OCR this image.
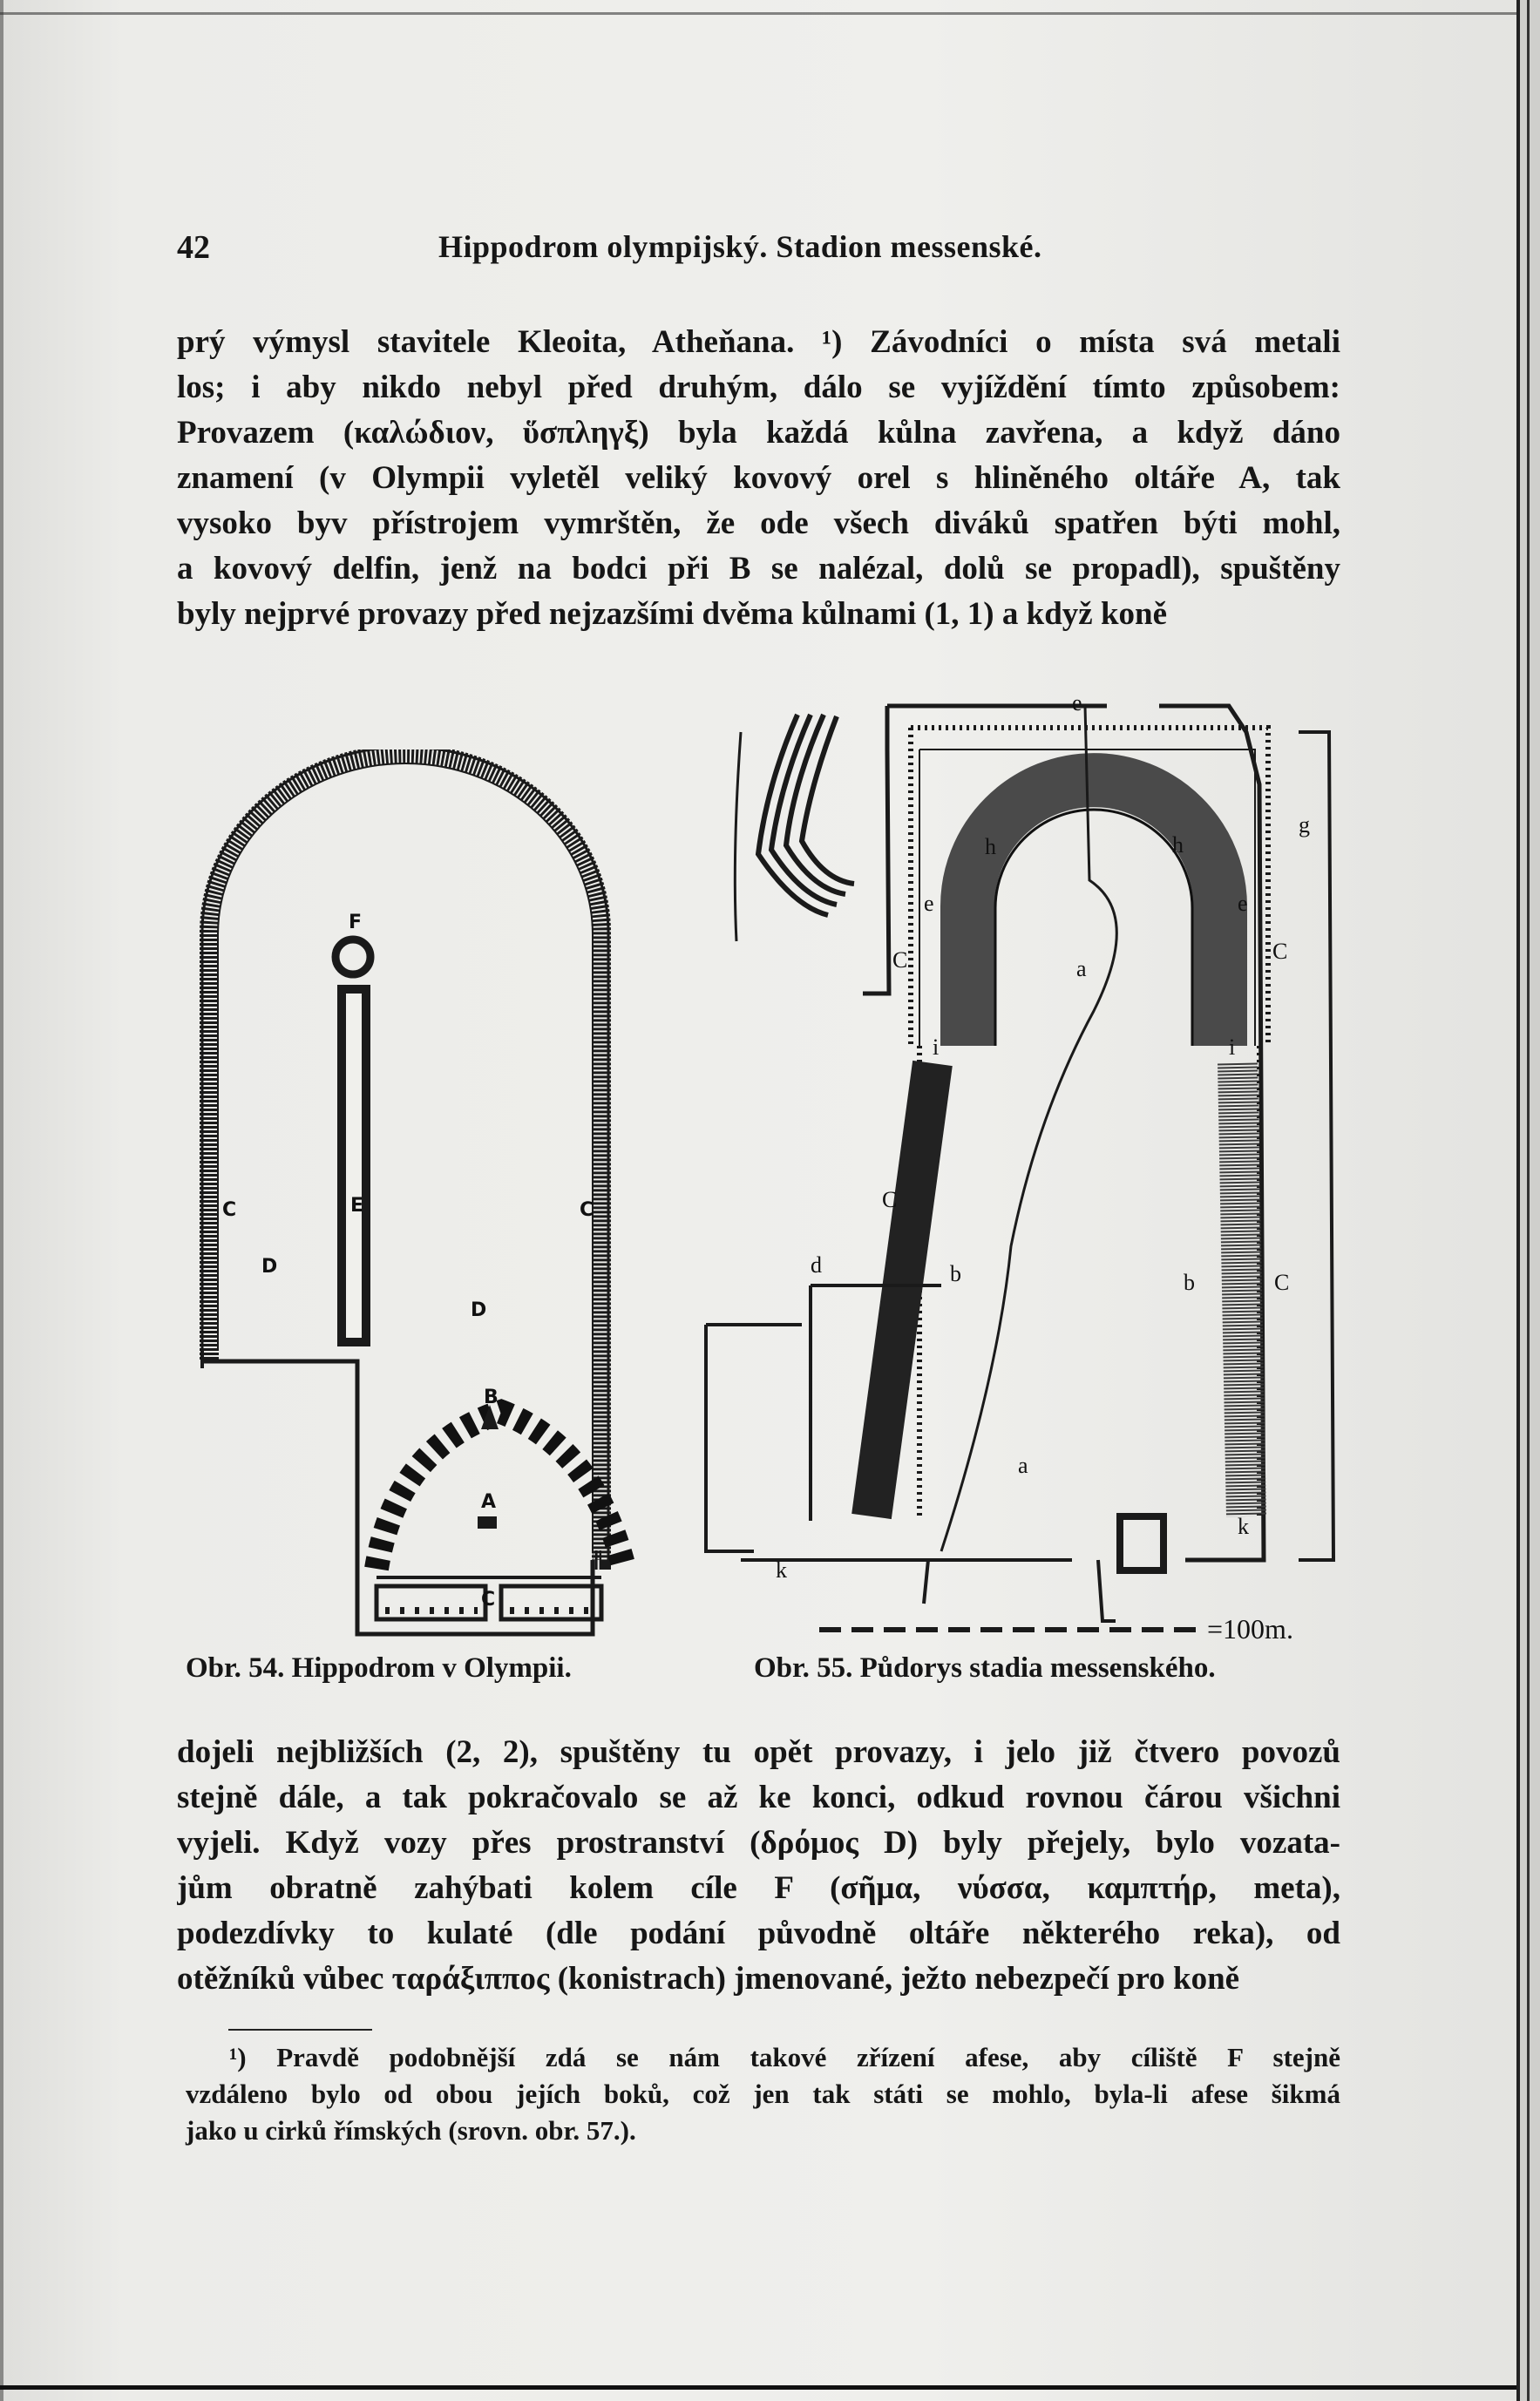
42	Hippodrom olympijský. Stadion messenské.
prý výmysl stavitele Kleoita, Atheňana. ¹) Závodníci o místa svá metali
los; i aby nikdo nebyl před druhým, dálo se vyjíždění tímto způsobem:
Provazem (καλώδιον, ὕσπληγξ) byla každá kůlna zavřena, a když dáno
znamení (v Olympii vyletěl veliký kovový orel s hliněného oltáře A, tak
vysoko byv přístrojem vymrštěn, že ode všech diváků spatřen býti mohl,
a kovový delfin, jenž na bodci při B se nalézal, dolů se propadl), spuštěny
byly nejprvé provazy před nejzazšími dvěma kůlnami (1, 1) a když koně
F
E
C	C
D
D
B
A
C
e
h	h
e	e
g
C	C
a
i	i
C
d	b	b	C
a
k
k
=100m.
Obr. 54. Hippodrom v Olympii.	Obr. 55. Půdorys stadia messenského.
dojeli nejbližších (2, 2), spuštěny tu opět provazy, i jelo již čtvero povozů
stejně dále, a tak pokračovalo se až ke konci, odkud rovnou čárou všichni
vyjeli. Když vozy přes prostranství (δρόμος D) byly přejely, bylo vozata-
jům obratně zahýbati kolem cíle F (σῆμα, νύσσα, καμπτήρ, meta),
podezdívky to kulaté (dle podání původně oltáře některého reka), od
otěžníků vůbec ταράξιππος (konistrach) jmenované, ježto nebezpečí pro koně
¹) Pravdě podobnější zdá se nám takové zřízení afese, aby cíliště F stejně
vzdáleno bylo od obou jejích boků, což jen tak státi se mohlo, byla-li afese šikmá
jako u cirků římských (srovn. obr. 57.).
